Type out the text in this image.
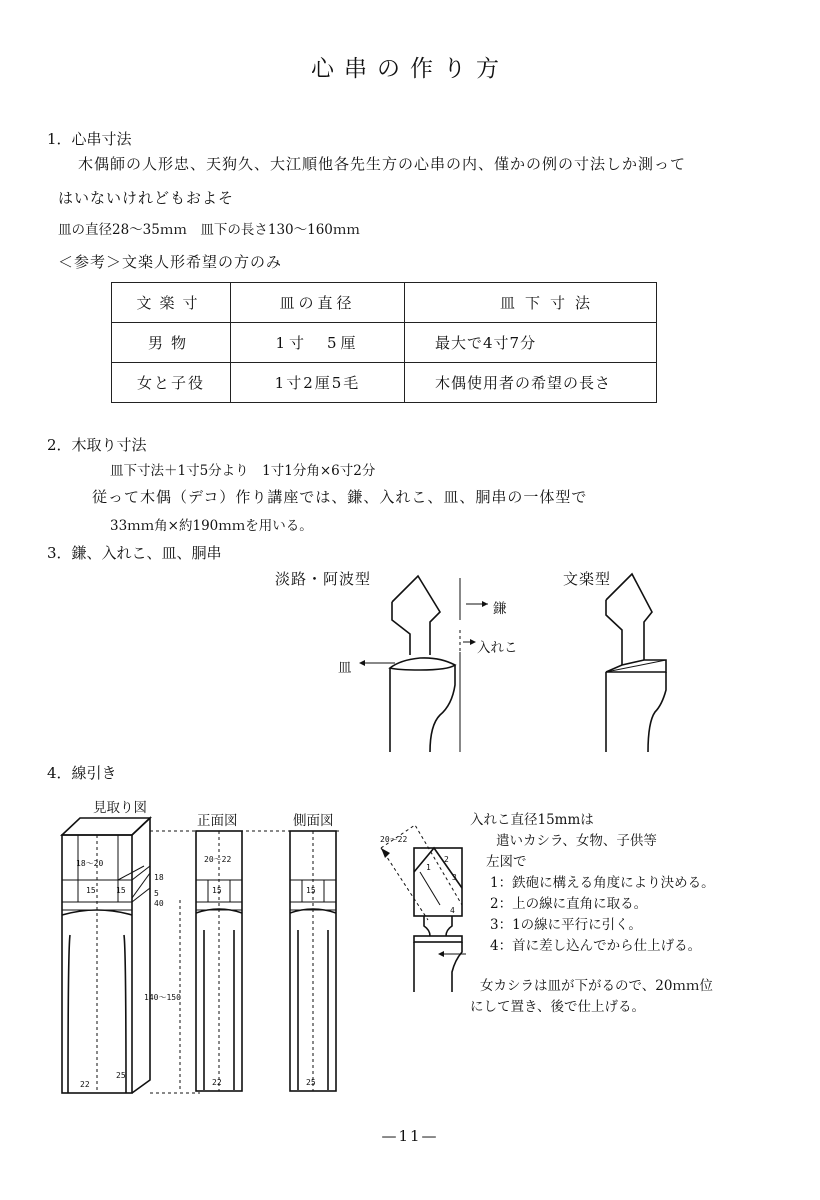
心串の作り方
1．心串寸法
木偶師の人形忠、天狗久、大江順他各先生方の心串の内、僅かの例の寸法しか測って
はいないけれどもおよそ
皿の直径28〜35ｍｍ　皿下の長さ130〜160ｍｍ
＜参考＞文楽人形希望の方のみ
文楽寸	皿の直径	皿下寸法
男物	1寸　5厘	最大で4寸7分
女と子役	1寸2厘5毛	木偶使用者の希望の長さ
2．木取り寸法
皿下寸法＋1寸5分より　1寸1分角×6寸2分
従って木偶（デコ）作り講座では、鎌、入れこ、皿、胴串の一体型で
33ｍｍ角×約190ｍｍを用いる。
3．鎌、入れこ、皿、胴串
淡路・阿波型	文楽型
鎌
入れこ
皿
4．線引き
見取り図
正面図	側面図
18〜20
15	15
18
5
40
22
25
140〜150
20〜22
15
22
15
25
20〜22
1
2
3
4
入れこ直径15mmは
遣いカシラ、女物、子供等
左図で
1：鉄砲に構える角度により決める。
2：上の線に直角に取る。
3：1の線に平行に引く。
4：首に差し込んでから仕上げる。
女カシラは皿が下がるので、20ｍｍ位
にして置き、後で仕上げる。
—11—
